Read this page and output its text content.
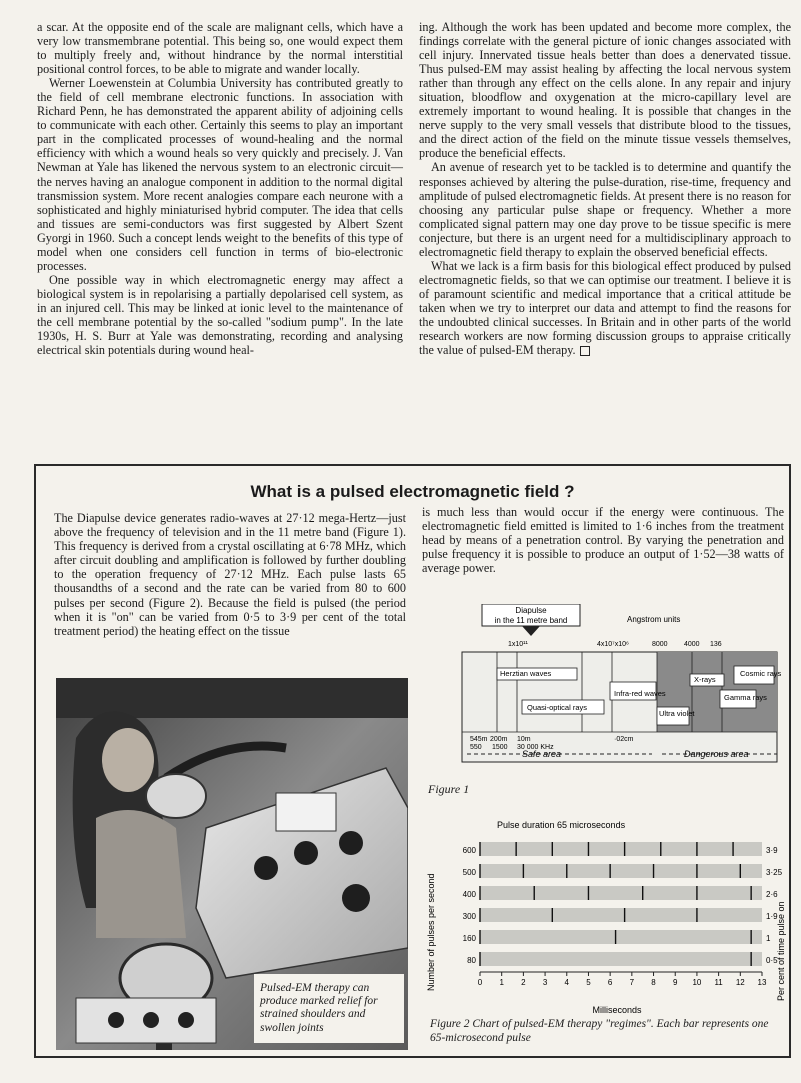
a scar. At the opposite end of the scale are malignant cells, which have a very low transmembrane potential. This being so, one would expect them to multiply freely and, without hindrance by the normal interstitial positional control forces, to be able to migrate and wander locally.

Werner Loewenstein at Columbia University has contributed greatly to the field of cell membrane electronic functions. In association with Richard Penn, he has demonstrated the apparent ability of adjoining cells to communicate with each other. Certainly this seems to play an important part in the complicated processes of wound-healing and the normal efficiency with which a wound heals so very quickly and precisely. J. Van Newman at Yale has likened the nervous system to an electronic circuit—the nerves having an analogue component in addition to the normal digital transmission system. More recent analogies compare each neurone with a sophisticated and highly miniaturised hybrid computer. The idea that cells and tissues are semi-conductors was first suggested by Albert Szent Gyorgi in 1960. Such a concept lends weight to the benefits of this type of model when one considers cell function in terms of bio-electronic processes.

One possible way in which electromagnetic energy may affect a biological system is in repolarising a partially depolarised cell system, as in an injured cell. This may be linked at ionic level to the maintenance of the cell membrane potential by the so-called "sodium pump". In the late 1930s, H. S. Burr at Yale was demonstrating, recording and analysing electrical skin potentials during wound heal-

ing. Although the work has been updated and become more complex, the findings correlate with the general picture of ionic changes associated with cell injury. Innervated tissue heals better than does a denervated tissue. Thus pulsed-EM may assist healing by affecting the local nervous system rather than through any effect on the cells alone. In any repair and injury situation, bloodflow and oxygenation at the micro-capillary level are extremely important to wound healing. It is possible that changes in the nerve supply to the very small vessels that distribute blood to the tissues, and the direct action of the field on the minute tissue vessels themselves, produce the beneficial effects.

An avenue of research yet to be tackled is to determine and quantify the responses achieved by altering the pulse-duration, rise-time, frequency and amplitude of pulsed electromagnetic fields. At present there is no reason for choosing any particular pulse shape or frequency. Whether a more complicated signal pattern may one day prove to be tissue specific is mere conjecture, but there is an urgent need for a multidisciplinary approach to electromagnetic field therapy to explain the observed beneficial effects.

What we lack is a firm basis for this biological effect produced by pulsed electromagnetic fields, so that we can optimise our treatment. I believe it is of paramount scientific and medical importance that a critical attitude be taken when we try to interpret our data and attempt to find the reasons for the undoubted clinical successes. In Britain and in other parts of the world research workers are now forming discussion groups to appraise critically the value of pulsed-EM therapy.

What is a pulsed electromagnetic field ?
The Diapulse device generates radio-waves at 27·12 mega-Hertz—just above the frequency of television and in the 11 metre band (Figure 1). This frequency is derived from a crystal oscillating at 6·78 MHz, which after circuit doubling and amplification is followed by further doubling to the operation frequency of 27·12 MHz. Each pulse lasts 65 thousandths of a second and the rate can be varied from 80 to 600 pulses per second (Figure 2). Because the field is pulsed (the period when it is "on" can be varied from 0·5 to 3·9 per cent of the total treatment period) the heating effect on the tissue
is much less than would occur if the energy were continuous. The electromagnetic field emitted is limited to 1·6 inches from the treatment head by means of a penetration control. By varying the penetration and pulse frequency it is possible to produce an output of 1·52—38 watts of average power.
Pulsed-EM therapy can produce marked relief for strained shoulders and swollen joints
Diapulse
in the 11 metre band	Angstrom units
1x10¹¹	4x10⁷x10⁶	8000 4000 136
Herztian waves
Quasi-optical rays
Infra-red waves
Ultra violet
X-rays
Gamma rays
Cosmic rays
545m 200m 10m	·02cm
550 1500 30 000 KHz
Safe area	Dangerous area
Figure 1
Pulse duration 65 microseconds
Number of pulses per second	Per cent of time pulse on
600	3·9
500	3·25
400	2·6
300	1·9
160	1
80	0·5
0 1 2 3 4 5 6 7 8 9 10 11 12 13
Milliseconds
Figure 2 Chart of pulsed-EM therapy "regimes". Each bar represents one 65-microsecond pulse
